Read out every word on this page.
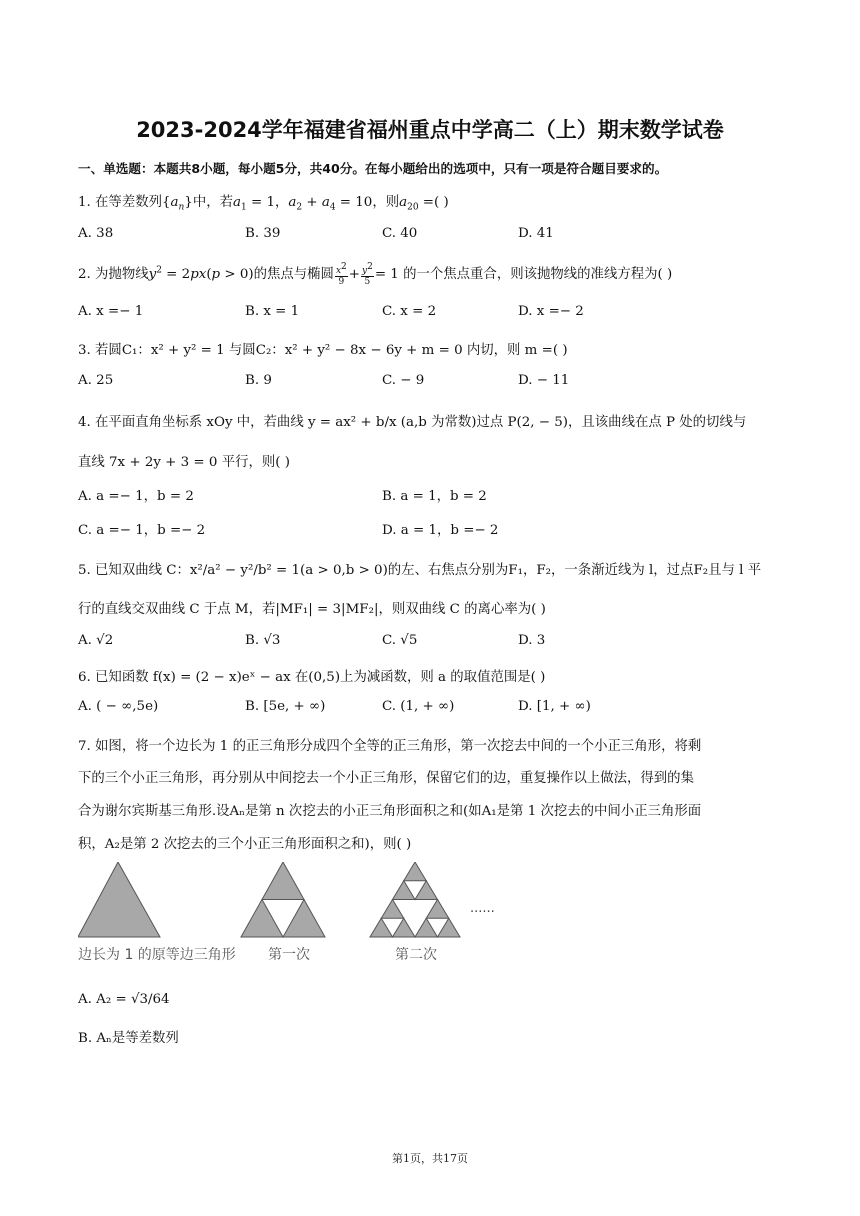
2023-2024学年福建省福州重点中学高二（上）期末数学试卷
一、单选题：本题共8小题，每小题5分，共40分。在每小题给出的选项中，只有一项是符合题目要求的。
1. 在等差数列$\{a_n\}$中，若$a_1 = 1$，$a_2 + a_4 = 10$，则$a_{20}$ =( )
A. 38	B. 39	C. 40	D. 41
2. 为抛物线$y^2 = 2px(p > 0)$的焦点与椭圆 $\frac{x^2}{9} + \frac{y^2}{5} = 1$ 的一个焦点重合，则该抛物线的准线方程为( )
A. x =− 1	B. x = 1	C. x = 2	D. x =− 2
3. 若圆C₁：x² + y² = 1 与圆C₂：x² + y² − 8x − 6y + m = 0 内切，则 m =( )
A. 25	B. 9	C. − 9	D. − 11
4. 在平面直角坐标系 xOy 中，若曲线 y = ax² + b/x (a,b 为常数)过点 P(2, − 5)，且该曲线在点 P 处的切线与
直线 7x + 2y + 3 = 0 平行，则( )
A. a =− 1，b = 2	B. a = 1，b = 2
C. a =− 1，b =− 2	D. a = 1，b =− 2
5. 已知双曲线 C：x²/a² − y²/b² = 1(a > 0,b > 0)的左、右焦点分别为F₁，F₂，一条渐近线为 l，过点F₂且与 l 平
行的直线交双曲线 C 于点 M，若|MF₁| = 3|MF₂|，则双曲线 C 的离心率为( )
A. √2	B. √3	C. √5	D. 3
6. 已知函数 f(x) = (2 − x)eˣ − ax 在(0,5)上为减函数，则 a 的取值范围是( )
A. ( − ∞,5e)	B. [5e, + ∞)	C. (1, + ∞)	D. [1, + ∞)
7. 如图，将一个边长为 1 的正三角形分成四个全等的正三角形，第一次挖去中间的一个小正三角形，将剩
下的三个小正三角形，再分别从中间挖去一个小正三角形，保留它们的边，重复操作以上做法，得到的集
合为谢尔宾斯基三角形.设Aₙ是第 n 次挖去的小正三角形面积之和(如A₁是第 1 次挖去的中间小正三角形面
积，A₂是第 2 次挖去的三个小正三角形面积之和)，则( )
......
边长为 1 的原等边三角形 第一次	第二次
A. A₂ = √3/64
B. Aₙ是等差数列
第1页，共17页
